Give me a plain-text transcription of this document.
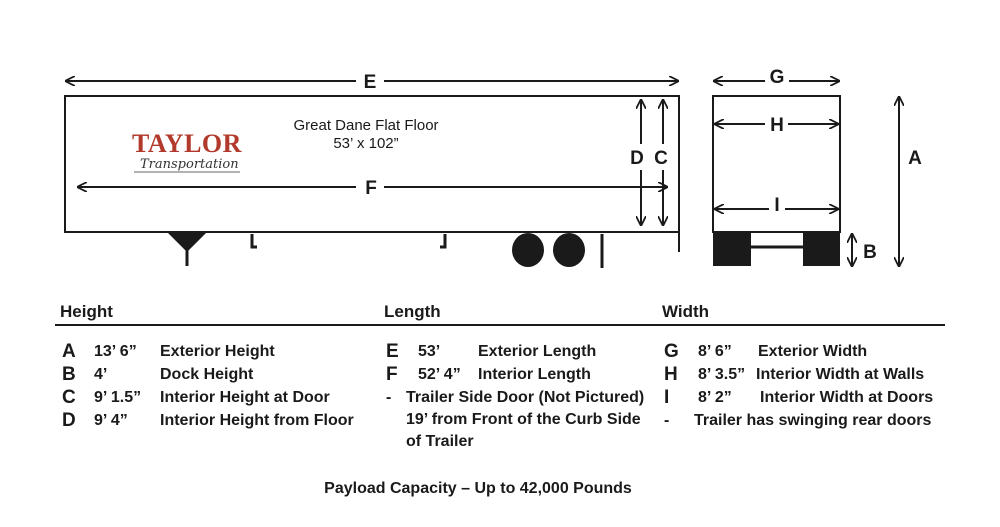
TAYLOR
Transportation
Great Dane Flat Floor
53’ x 102”
E
F
D C
G
H
I
A
B
Height	Length	Width
A 13’ 6” Exterior Height
B 4’	Dock Height
C 9’ 1.5” Interior Height at Door
D 9’ 4” Interior Height from Floor
E 53’ Exterior Length
F 52’ 4” Interior Length
- Trailer Side Door (Not Pictured)
19’ from Front of the Curb Side
of Trailer
G 8’ 6” Exterior Width
H 8’ 3.5” Interior Width at Walls
I 8’ 2” Interior Width at Doors
- Trailer has swinging rear doors
Payload Capacity – Up to 42,000 Pounds
